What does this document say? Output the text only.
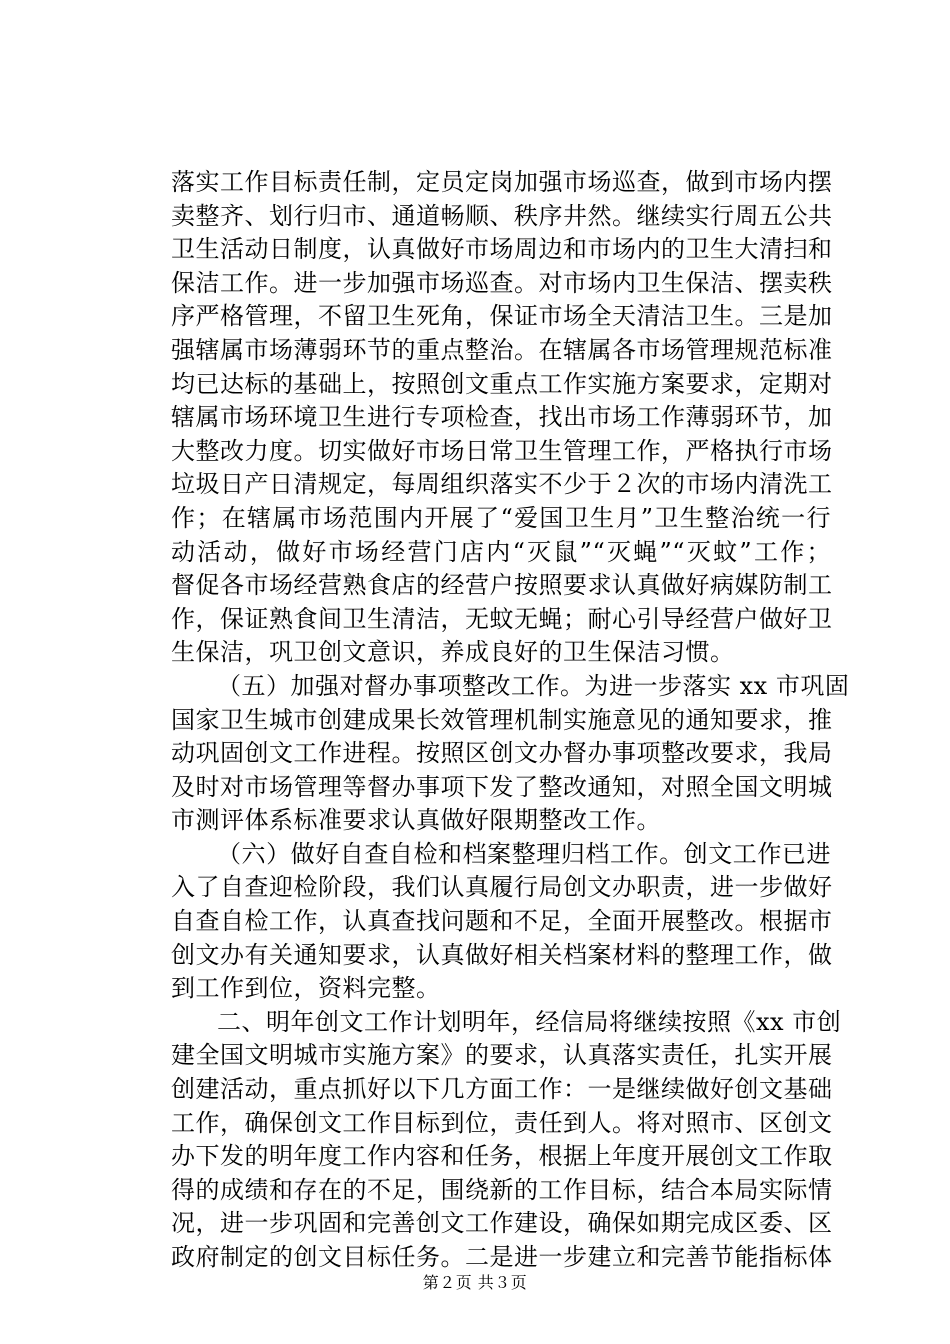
落实工作目标责任制，定员定岗加强市场巡查，做到市场内摆
卖整齐、划行归市、通道畅顺、秩序井然。继续实行周五公共
卫生活动日制度，认真做好市场周边和市场内的卫生大清扫和
保洁工作。进一步加强市场巡查。对市场内卫生保洁、摆卖秩
序严格管理，不留卫生死角，保证市场全天清洁卫生。三是加
强辖属市场薄弱环节的重点整治。在辖属各市场管理规范标准
均已达标的基础上，按照创文重点工作实施方案要求，定期对
辖属市场环境卫生进行专项检查，找出市场工作薄弱环节，加
大整改力度。切实做好市场日常卫生管理工作，严格执行市场
垃圾日产日清规定，每周组织落实不少于２次的市场内清洗工
作；在辖属市场范围内开展了“爱国卫生月”卫生整治统一行
动活动，做好市场经营门店内“灭鼠”“灭蝇”“灭蚊”工作；
督促各市场经营熟食店的经营户按照要求认真做好病媒防制工
作，保证熟食间卫生清洁，无蚊无蝇；耐心引导经营户做好卫
生保洁，巩卫创文意识，养成良好的卫生保洁习惯。
（五）加强对督办事项整改工作。为进一步落实 xx 市巩固
国家卫生城市创建成果长效管理机制实施意见的通知要求，推
动巩固创文工作进程。按照区创文办督办事项整改要求，我局
及时对市场管理等督办事项下发了整改通知，对照全国文明城
市测评体系标准要求认真做好限期整改工作。
（六）做好自查自检和档案整理归档工作。创文工作已进
入了自查迎检阶段，我们认真履行局创文办职责，进一步做好
自查自检工作，认真查找问题和不足，全面开展整改。根据市
创文办有关通知要求，认真做好相关档案材料的整理工作，做
到工作到位，资料完整。
二、明年创文工作计划明年，经信局将继续按照《xx 市创
建全国文明城市实施方案》的要求，认真落实责任，扎实开展
创建活动，重点抓好以下几方面工作：一是继续做好创文基础
工作，确保创文工作目标到位，责任到人。将对照市、区创文
办下发的明年度工作内容和任务，根据上年度开展创文工作取
得的成绩和存在的不足，围绕新的工作目标，结合本局实际情
况，进一步巩固和完善创文工作建设，确保如期完成区委、区
政府制定的创文目标任务。二是进一步建立和完善节能指标体
第２页 共３页
